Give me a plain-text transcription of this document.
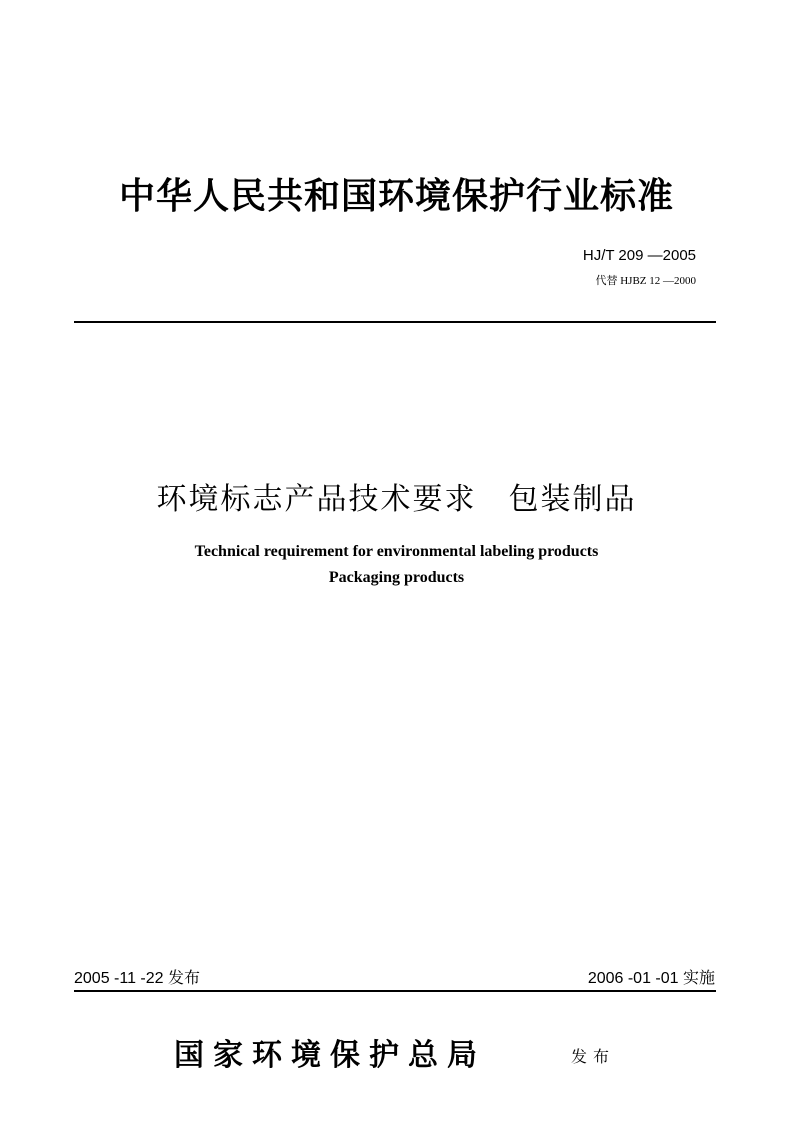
中华人民共和国环境保护行业标准
HJ/T 209 —2005
代替 HJBZ 12 —2000
环境标志产品技术要求　包装制品
Technical requirement for environmental labeling products
Packaging products
2005 -11 -22 发布	2006 -01 -01 实施
国家环境保护总局	发布
